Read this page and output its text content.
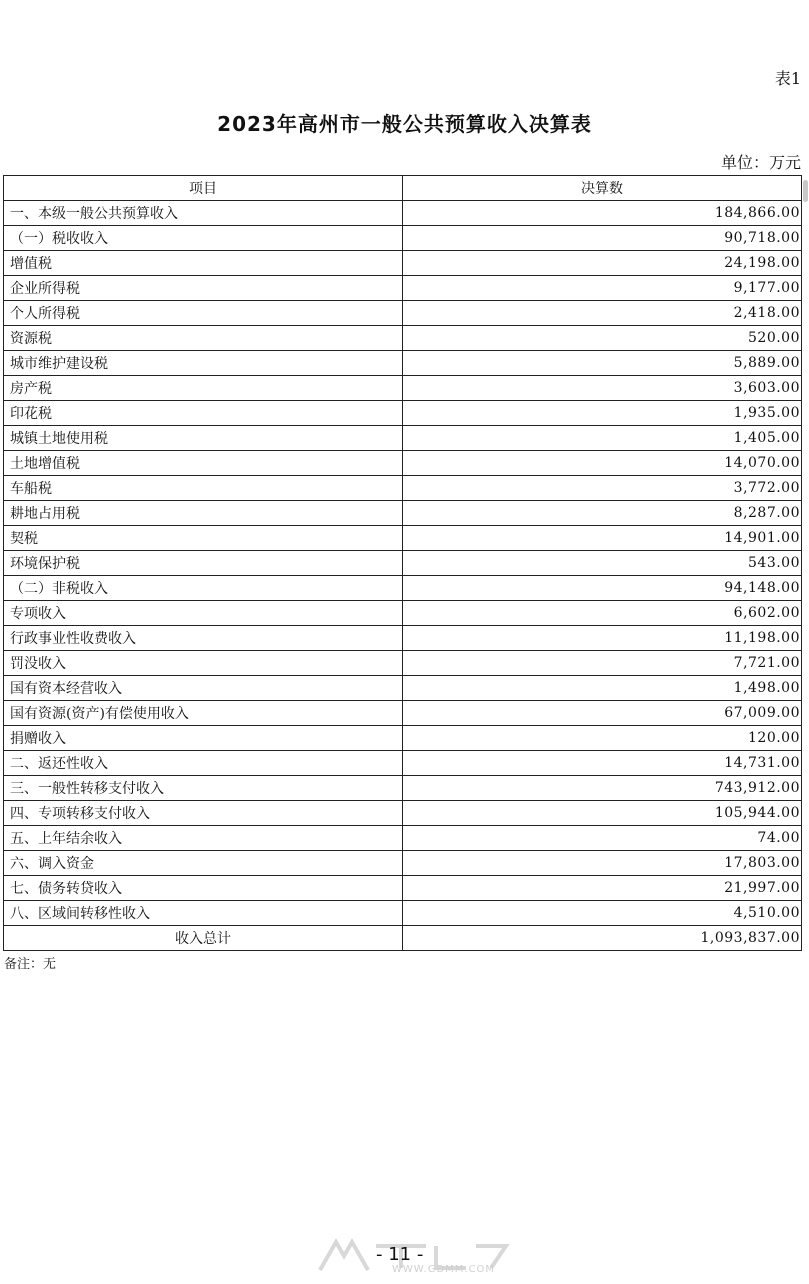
表1
2023年高州市一般公共预算收入决算表
单位：万元
项目	决算数
一、本级一般公共预算收入	184,866.00
（一）税收收入	90,718.00
增值税	24,198.00
企业所得税	9,177.00
个人所得税	2,418.00
资源税	520.00
城市维护建设税	5,889.00
房产税	3,603.00
印花税	1,935.00
城镇土地使用税	1,405.00
土地增值税	14,070.00
车船税	3,772.00
耕地占用税	8,287.00
契税	14,901.00
环境保护税	543.00
（二）非税收入	94,148.00
专项收入	6,602.00
行政事业性收费收入	11,198.00
罚没收入	7,721.00
国有资本经营收入	1,498.00
国有资源(资产)有偿使用收入	67,009.00
捐赠收入	120.00
二、返还性收入	14,731.00
三、一般性转移支付收入	743,912.00
四、专项转移支付收入	105,944.00
五、上年结余收入	74.00
六、调入资金	17,803.00
七、债务转贷收入	21,997.00
八、区域间转移性收入	4,510.00
收入总计	1,093,837.00
备注：无
WWW.GDMM.COM
- 11 -
